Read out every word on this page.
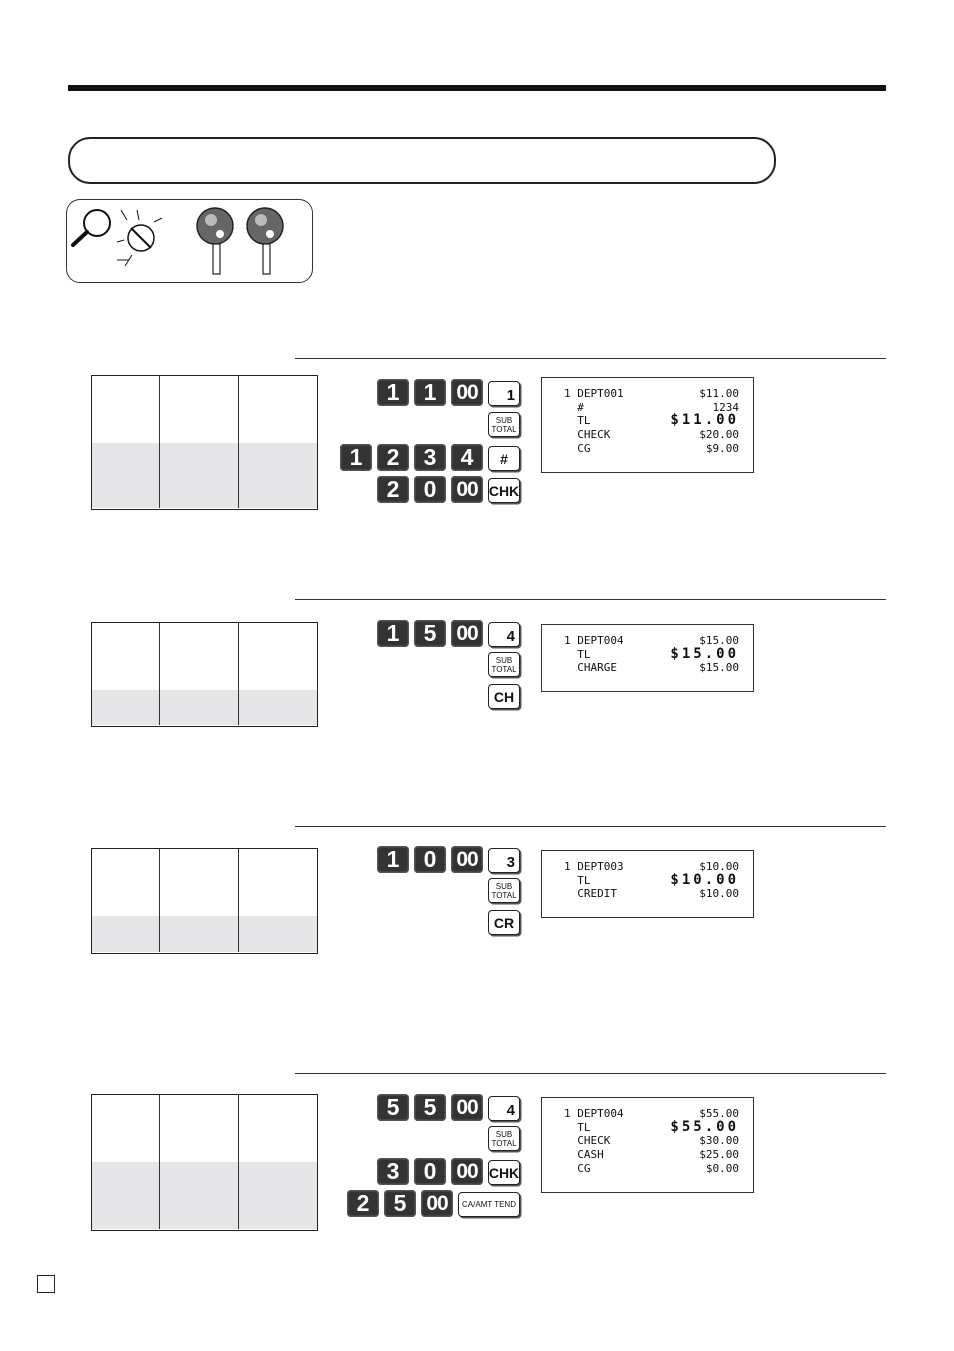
1 DEPT001	$11.00
#	1234
TL	$11.00
CHECK	$20.00
CG	$9.00
1	1 00	1
SUB
TOTAL
1	2	3	4	#
2	0 00 CHK
1 DEPT004	$15.00
TL	$15.00
CHARGE	$15.00
1	5 00	4
SUB
TOTAL
CH
1 DEPT003	$10.00
TL	$10.00
CREDIT	$10.00
1	0 00	3
SUB
TOTAL
CR
1 DEPT004	$55.00
TL	$55.00
CHECK	$30.00
CASH	$25.00
CG	$0.00
5	5 00	4
SUB
TOTAL
3	0 00 CHK
2	5 00	CA/AMT TEND
